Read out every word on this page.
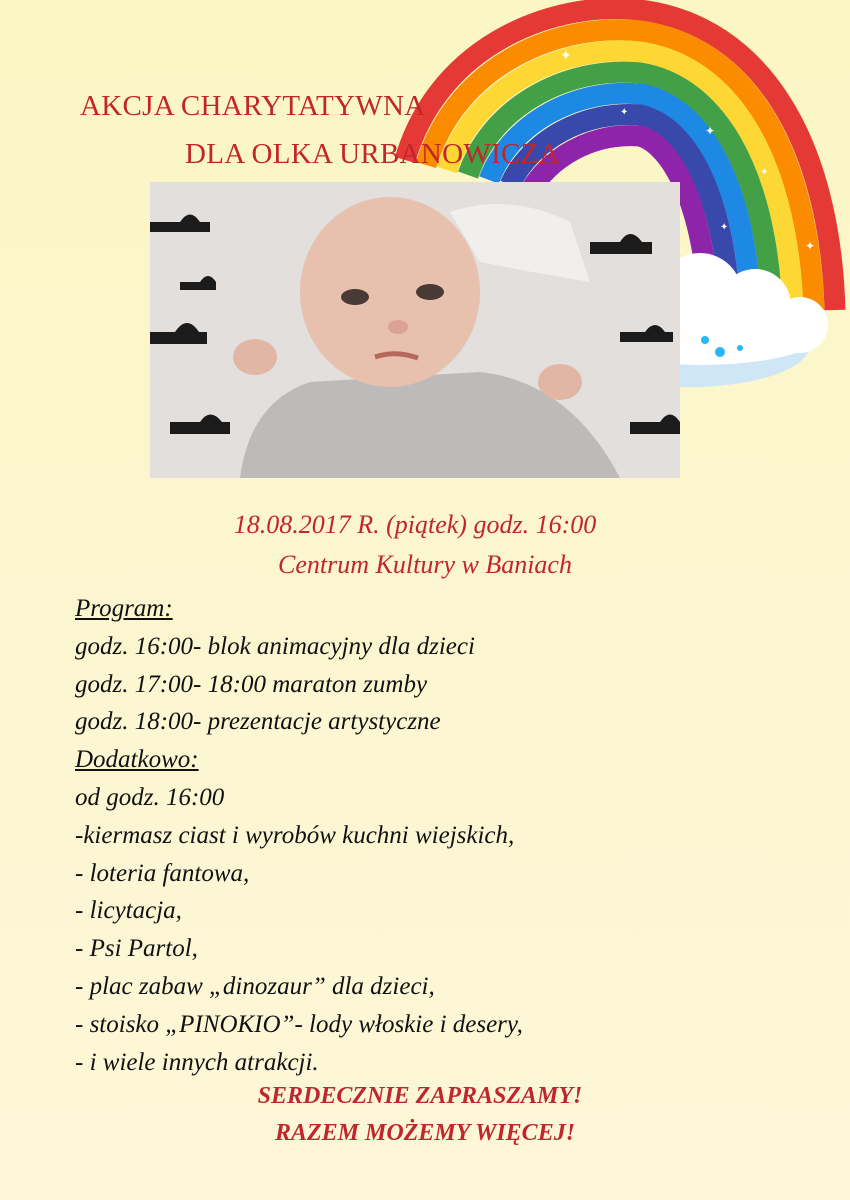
✦
✦
✦
✦
✦
✦
AKCJA CHARYTATYWNA
DLA OLKA URBANOWICZA
18.08.2017 R. (piątek) godz. 16:00
Centrum Kultury w Baniach
Program:
godz. 16:00- blok animacyjny dla dzieci
godz. 17:00- 18:00 maraton zumby
godz. 18:00- prezentacje artystyczne
Dodatkowo:
od godz. 16:00
-kiermasz ciast i wyrobów kuchni wiejskich,
- loteria fantowa,
- licytacja,
- Psi Partol,
- plac zabaw „dinozaur” dla dzieci,
- stoisko „PINOKIO”- lody włoskie i desery,
- i wiele innych atrakcji.
SERDECZNIE ZAPRASZAMY!
RAZEM MOŻEMY WIĘCEJ!
